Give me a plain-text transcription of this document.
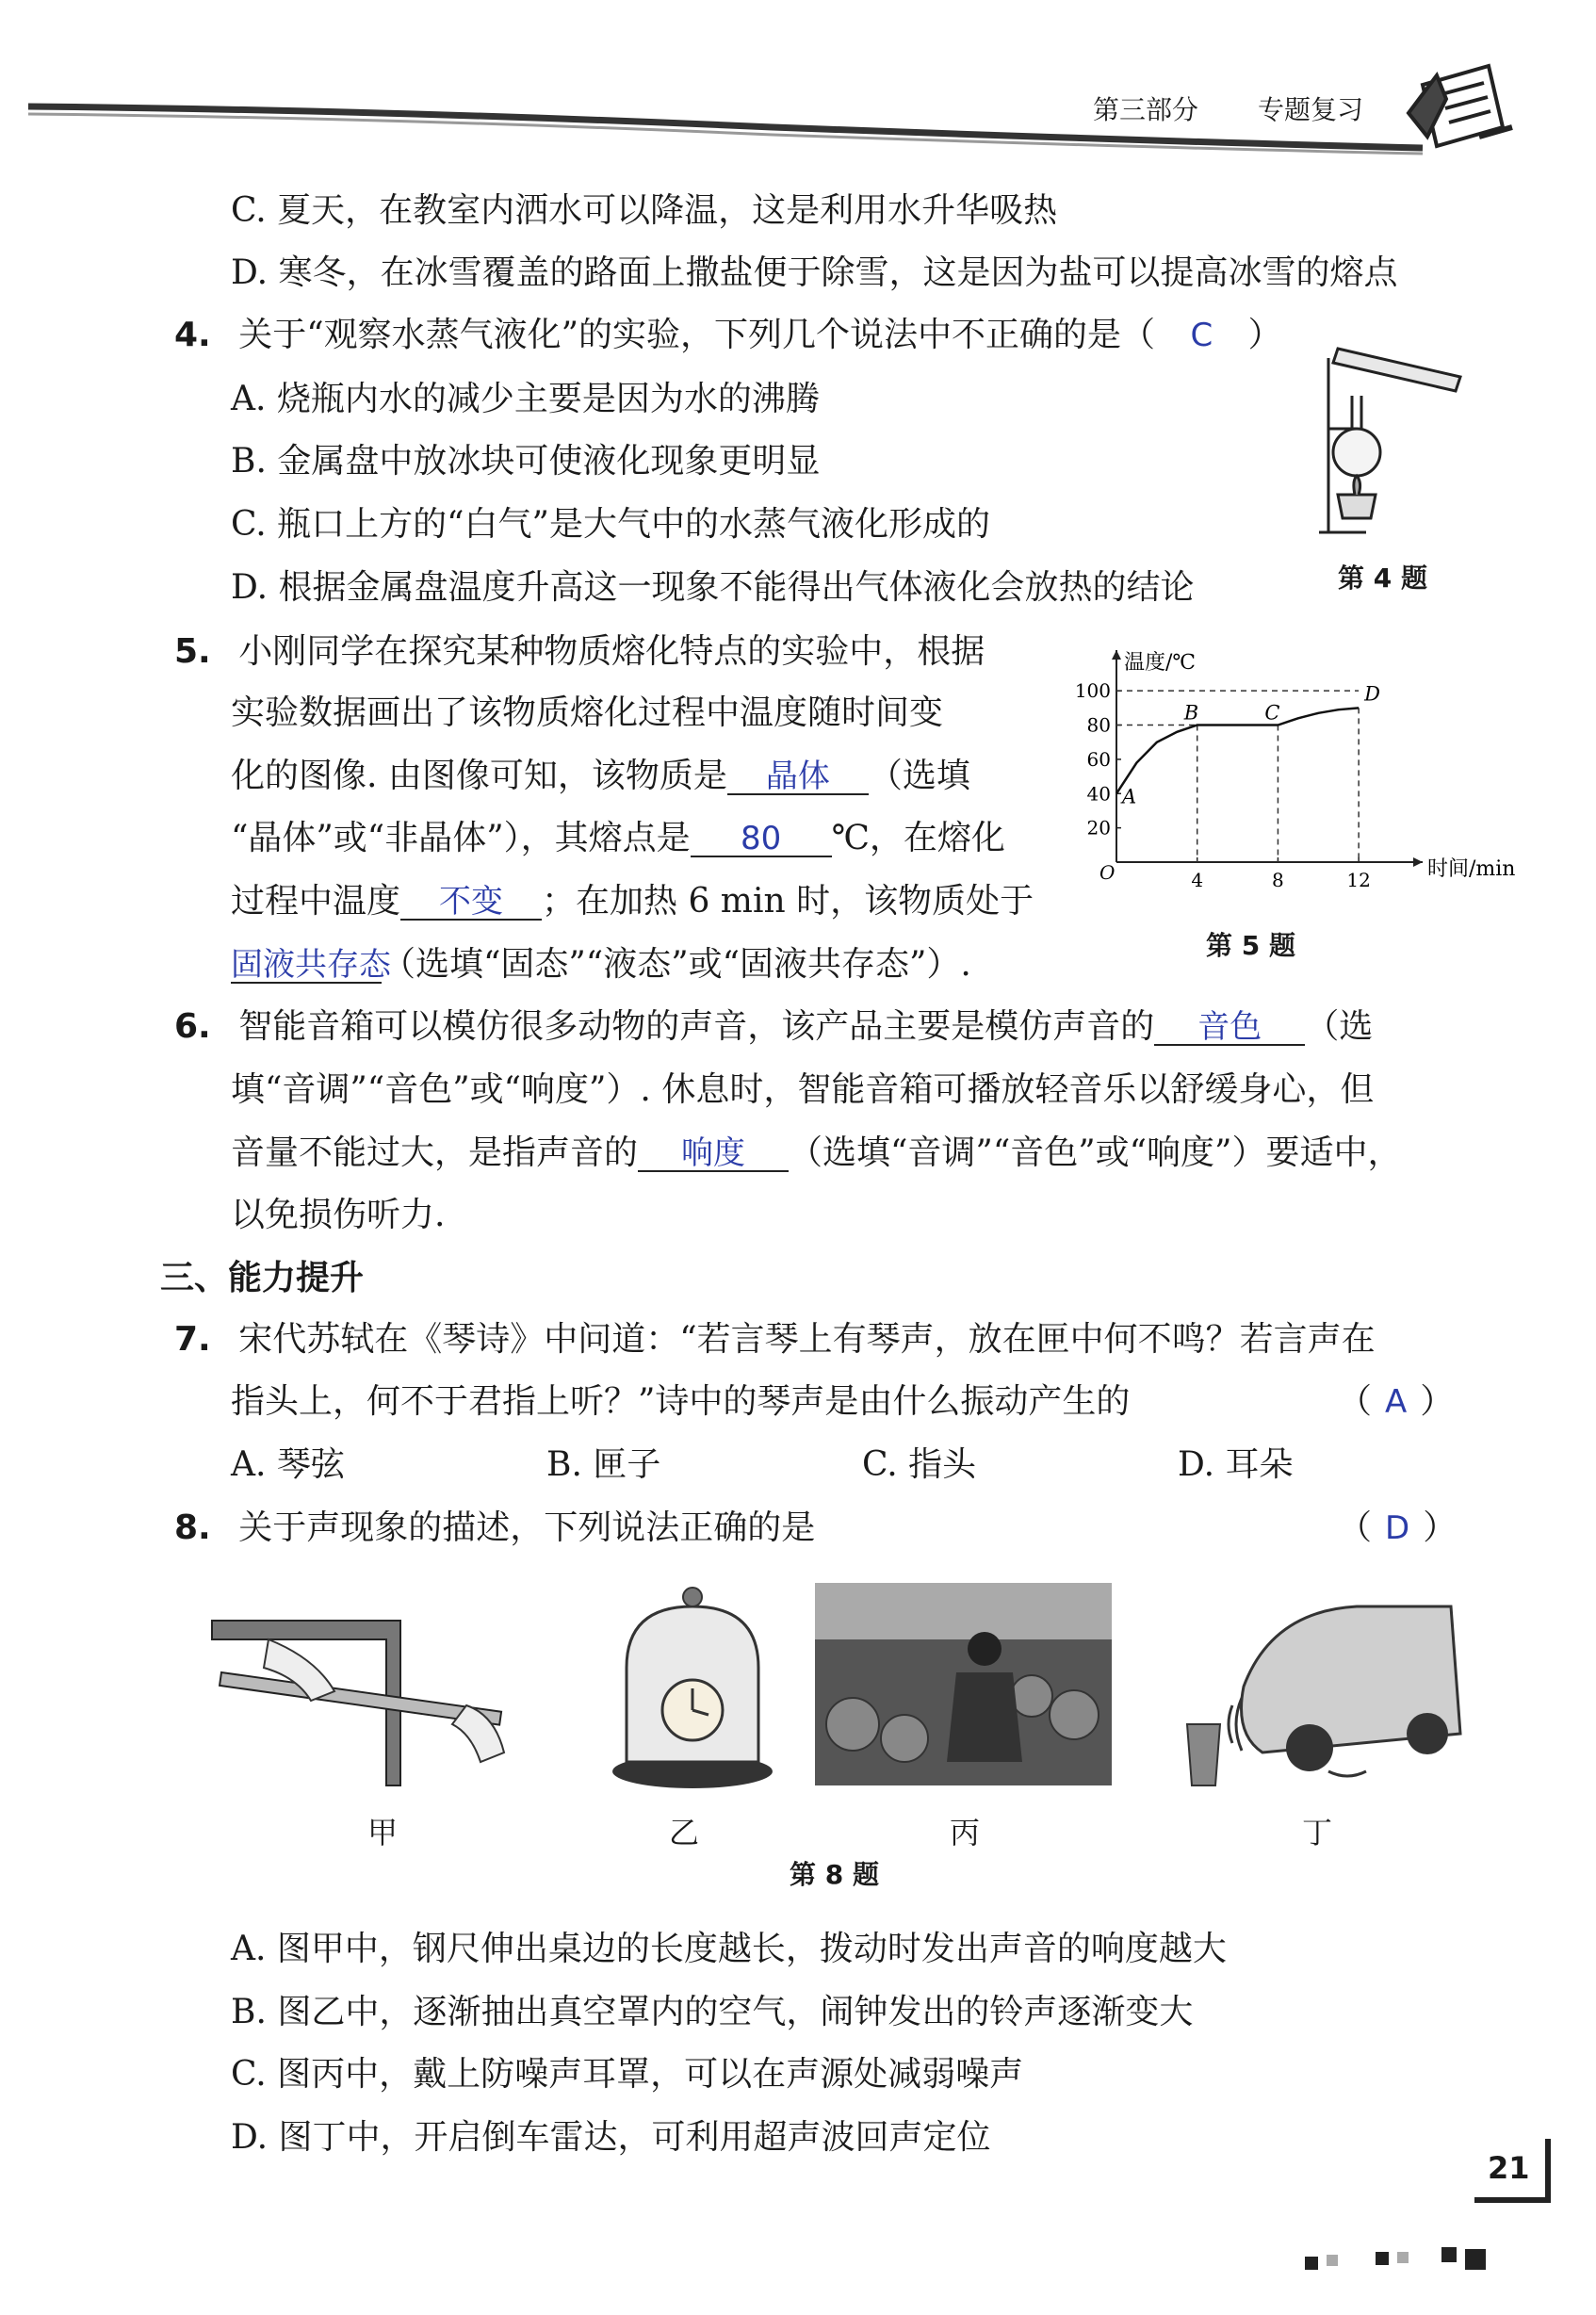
第三部分 专题复习
C. 夏天，在教室内洒水可以降温，这是利用水升华吸热
D. 寒冬，在冰雪覆盖的路面上撒盐便于除雪，这是因为盐可以提高冰雪的熔点
4. 关于“观察水蒸气液化”的实验，下列几个说法中不正确的是（ C ）
A. 烧瓶内水的减少主要是因为水的沸腾
B. 金属盘中放冰块可使液化现象更明显
C. 瓶口上方的“白气”是大气中的水蒸气液化形成的
D. 根据金属盘温度升高这一现象不能得出气体液化会放热的结论	第 4 题
5. 小刚同学在探究某种物质熔化特点的实验中，根据
实验数据画出了该物质熔化过程中温度随时间变
化的图像. 由图像可知，该物质是 晶体 （选填
“晶体”或“非晶体”），其熔点是 80 ℃，在熔化
过程中温度 不变 ；在加热 6 min 时，该物质处于
固液共存态（选填“固态”“液态”或“固液共存态”）.
温度/℃
时间/min
O
20
40
60
80
100
4	8	12
A
B	C
D
第 5 题
6. 智能音箱可以模仿很多动物的声音，该产品主要是模仿声音的 音色 （选
填“音调”“音色”或“响度”）. 休息时，智能音箱可播放轻音乐以舒缓身心，但
音量不能过大，是指声音的 响度 （选填“音调”“音色”或“响度”）要适中，
以免损伤听力.
三、能力提升
7. 宋代苏轼在《琴诗》中问道：“若言琴上有琴声，放在匣中何不鸣？若言声在
指头上，何不于君指上听？”诗中的琴声是由什么振动产生的	（ A ）
A. 琴弦	B. 匣子	C. 指头	D. 耳朵
8. 关于声现象的描述，下列说法正确的是	（ D ）
甲	乙	丙	丁
第 8 题
A. 图甲中，钢尺伸出桌边的长度越长，拨动时发出声音的响度越大
B. 图乙中，逐渐抽出真空罩内的空气，闹钟发出的铃声逐渐变大
C. 图丙中，戴上防噪声耳罩，可以在声源处减弱噪声
D. 图丁中，开启倒车雷达，可利用超声波回声定位
21
